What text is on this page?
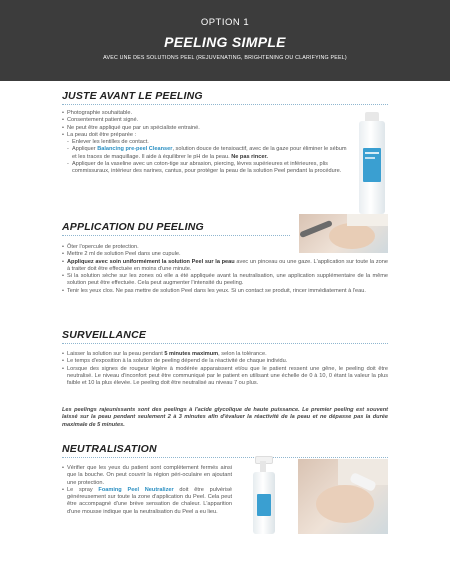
OPTION 1
PEELING SIMPLE
AVEC UNE DES SOLUTIONS PEEL (REJUVENATING, BRIGHTENING OU CLARIFYING PEEL)
JUSTE AVANT LE PEELING
• Photographie souhaitable.
• Consentement patient signé.
• Ne peut être appliqué que par un spécialiste entrainé.
• La peau doit être préparée :
- Enlever les lentilles de contact.
- Appliquer Balancing pre-peel Cleanser, solution douce de tensioactif, avec de la gaze pour éliminer le sébum et les traces de maquillage. Il aide à équilibrer le pH de la peau. Ne pas rincer.
- Appliquer de la vaseline avec un coton-tige sur abrasion, piercing, lèvres supérieures et inférieures, plis commissuraux, intérieur des narines, cantus, pour protéger la peau de la solution Peel pendant la procédure.
APPLICATION DU PEELING
• Ôter l'opercule de protection.
• Mettre 2 ml de solution Peel dans une cupule.
• Appliquez avec soin uniformément la solution Peel sur la peau avec un pinceau ou une gaze. L'application sur toute la zone à traiter doit être effectuée en moins d'une minute.
• Si la solution sèche sur les zones où elle a été appliquée avant la neutralisation, une application supplémentaire de la même solution peut être effectuée. Cela peut augmenter l'intensité du peeling.
• Tenir les yeux clos. Ne pas mettre de solution Peel dans les yeux. Si un contact se produit, rincer immédiatement à l'eau.
SURVEILLANCE
• Laisser la solution sur la peau pendant 5 minutes maximum, selon la tolérance.
• Le temps d'exposition à la solution de peeling dépend de la réactivité de chaque individu.
• Lorsque des signes de rougeur légère à modérée apparaissent et/ou que le patient ressent une gêne, le peeling doit être neutralisé. Le niveau d'inconfort peut être communiqué par le patient en utilisant une échelle de 0 à 10, 0 étant la valeur la plus faible et 10 la plus élevée. Le peeling doit être neutralisé au niveau 7 ou plus.
Les peelings rajeunissants sont des peelings à l'acide glycolique de haute puissance. Le premier peeling est souvent laissé sur la peau pendant seulement 2 à 3 minutes afin d'évaluer la réactivité de la peau et ne dépasse pas la durée maximale de 5 minutes.
NEUTRALISATION
• Vérifier que les yeux du patient sont complètement fermés ainsi que la bouche. On peut couvrir la région péri-oculaire en ajoutant une protection.
• Le spray Foaming Peel Neutralizer doit être pulvérisé généreusement sur toute la zone d'application du Peel. Cela peut être accompagné d'une brève sensation de chaleur. L'apparition d'une mousse indique que la neutralisation du Peel a eu lieu.
